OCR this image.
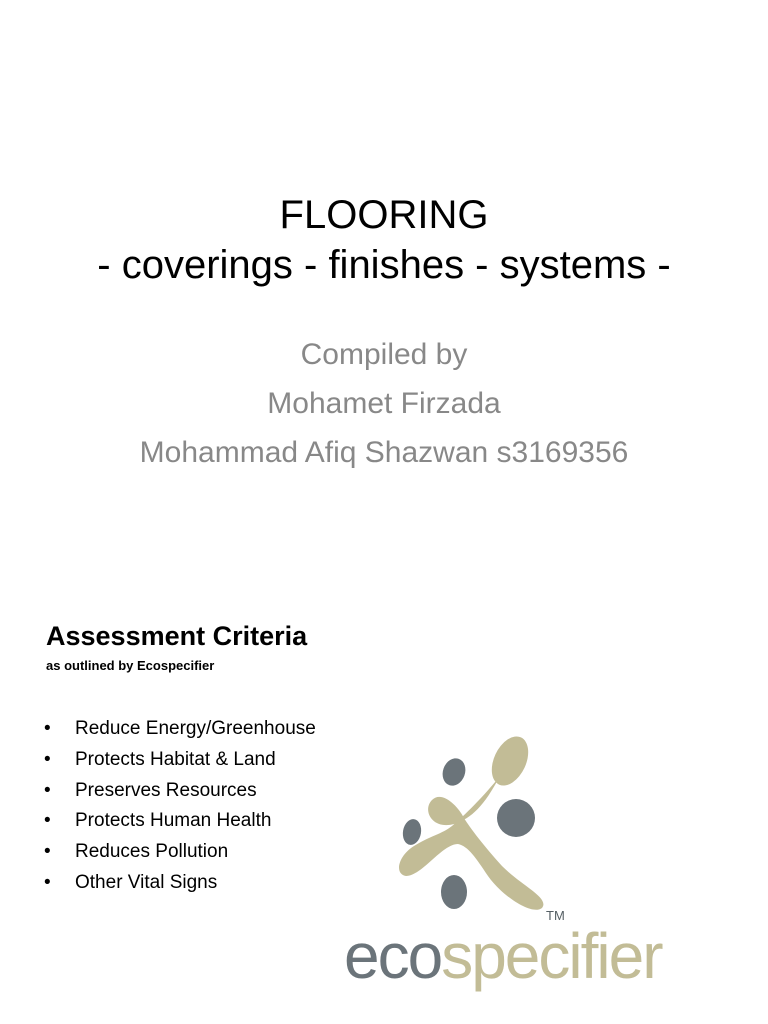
FLOORING
- coverings - finishes - systems -
Compiled by
Mohamet Firzada
Mohammad Afiq Shazwan s3169356
Assessment Criteria
as outlined by Ecospecifier
• Reduce Energy/Greenhouse
• Protects Habitat & Land
• Preserves Resources
• Protects Human Health
• Reduces Pollution
• Other Vital Signs
TM
ecospecifier
